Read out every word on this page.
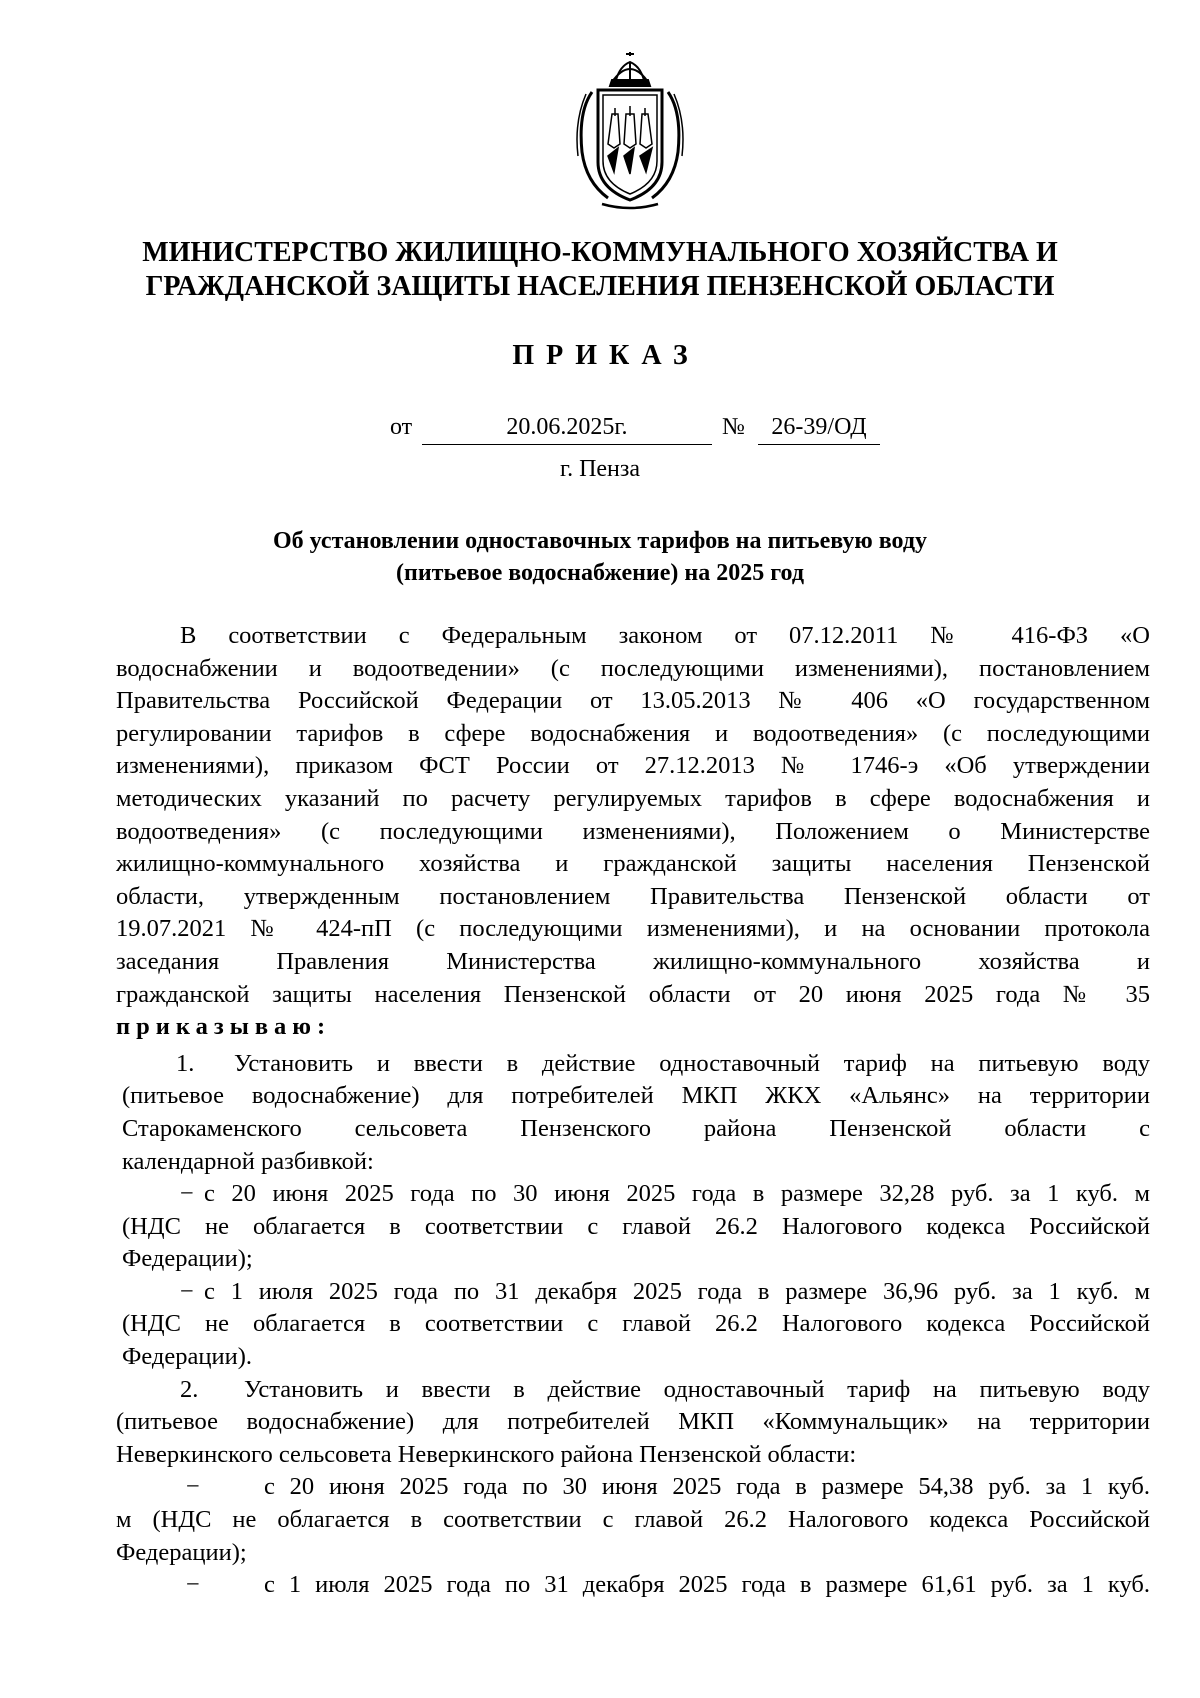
МИНИСТЕРСТВО ЖИЛИЩНО-КОММУНАЛЬНОГО ХОЗЯЙСТВА И
ГРАЖДАНСКОЙ ЗАЩИТЫ НАСЕЛЕНИЯ ПЕНЗЕНСКОЙ ОБЛАСТИ
ПРИКАЗ
от	20.06.2025г.	№	26-39/ОД
г. Пенза
Об установлении одноставочных тарифов на питьевую воду
(питьевое водоснабжение) на 2025 год
В соответствии с Федеральным законом от 07.12.2011 № 416-ФЗ «О
водоснабжении и водоотведении» (с последующими изменениями), постановлением
Правительства Российской Федерации от 13.05.2013 № 406 «О государственном
регулировании тарифов в сфере водоснабжения и водоотведения» (с последующими
изменениями), приказом ФСТ России от 27.12.2013 № 1746-э «Об утверждении
методических указаний по расчету регулируемых тарифов в сфере водоснабжения и
водоотведения» (с последующими изменениями), Положением о Министерстве
жилищно-коммунального хозяйства и гражданской защиты населения Пензенской
области, утвержденным постановлением Правительства Пензенской области от
19.07.2021 № 424-пП (с последующими изменениями), и на основании протокола
заседания Правления Министерства жилищно-коммунального хозяйства и
гражданской защиты населения Пензенской области от 20 июня 2025 года № 35
приказываю:
1. Установить и ввести в действие одноставочный тариф на питьевую воду
(питьевое водоснабжение) для потребителей МКП ЖКХ «Альянс» на территории
Старокаменского сельсовета Пензенского района Пензенской области с
календарной разбивкой:
− с 20 июня 2025 года по 30 июня 2025 года в размере 32,28 руб. за 1 куб. м
(НДС не облагается в соответствии с главой 26.2 Налогового кодекса Российской
Федерации);
− с 1 июля 2025 года по 31 декабря 2025 года в размере 36,96 руб. за 1 куб. м
(НДС не облагается в соответствии с главой 26.2 Налогового кодекса Российской
Федерации).
2. Установить и ввести в действие одноставочный тариф на питьевую воду
(питьевое водоснабжение) для потребителей МКП «Коммунальщик» на территории
Неверкинского сельсовета Неверкинского района Пензенской области:
−	с 20 июня 2025 года по 30 июня 2025 года в размере 54,38 руб. за 1 куб.
м (НДС не облагается в соответствии с главой 26.2 Налогового кодекса Российской
Федерации);
−	с 1 июля 2025 года по 31 декабря 2025 года в размере 61,61 руб. за 1 куб.
